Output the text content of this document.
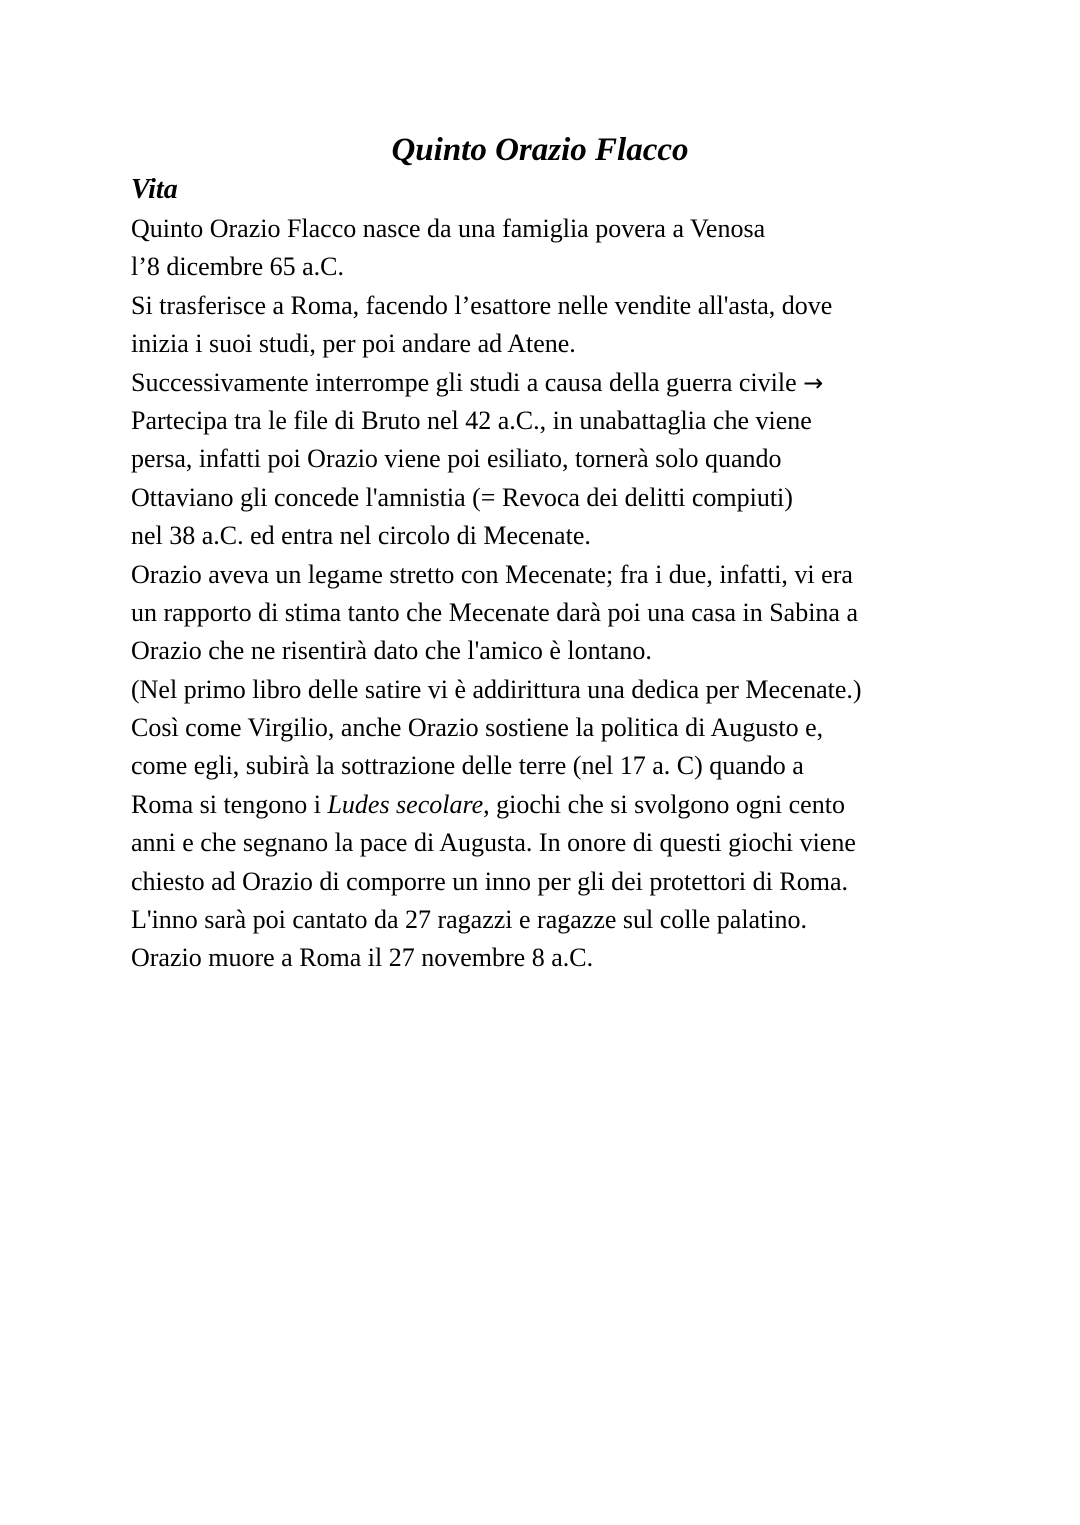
Quinto Orazio Flacco
Vita
Quinto Orazio Flacco nasce da una famiglia povera a Venosa
l’8 dicembre 65 a.C.
Si trasferisce a Roma, facendo l’esattore nelle vendite all'asta, dove
inizia i suoi studi, per poi andare ad Atene.
Successivamente interrompe gli studi a causa della guerra civile →
Partecipa tra le file di Bruto nel 42 a.C., in unabattaglia che viene
persa, infatti poi Orazio viene poi esiliato, tornerà solo quando
Ottaviano gli concede l'amnistia (= Revoca dei delitti compiuti)
nel 38 a.C. ed entra nel circolo di Mecenate.
Orazio aveva un legame stretto con Mecenate; fra i due, infatti, vi era
un rapporto di stima tanto che Mecenate darà poi una casa in Sabina a
Orazio che ne risentirà dato che l'amico è lontano.
(Nel primo libro delle satire vi è addirittura una dedica per Mecenate.)
Così come Virgilio, anche Orazio sostiene la politica di Augusto e,
come egli, subirà la sottrazione delle terre (nel 17 a. C) quando a
Roma si tengono i Ludes secolare, giochi che si svolgono ogni cento
anni e che segnano la pace di Augusta. In onore di questi giochi viene
chiesto ad Orazio di comporre un inno per gli dei protettori di Roma.
L'inno sarà poi cantato da 27 ragazzi e ragazze sul colle palatino.
Orazio muore a Roma il 27 novembre 8 a.C.
